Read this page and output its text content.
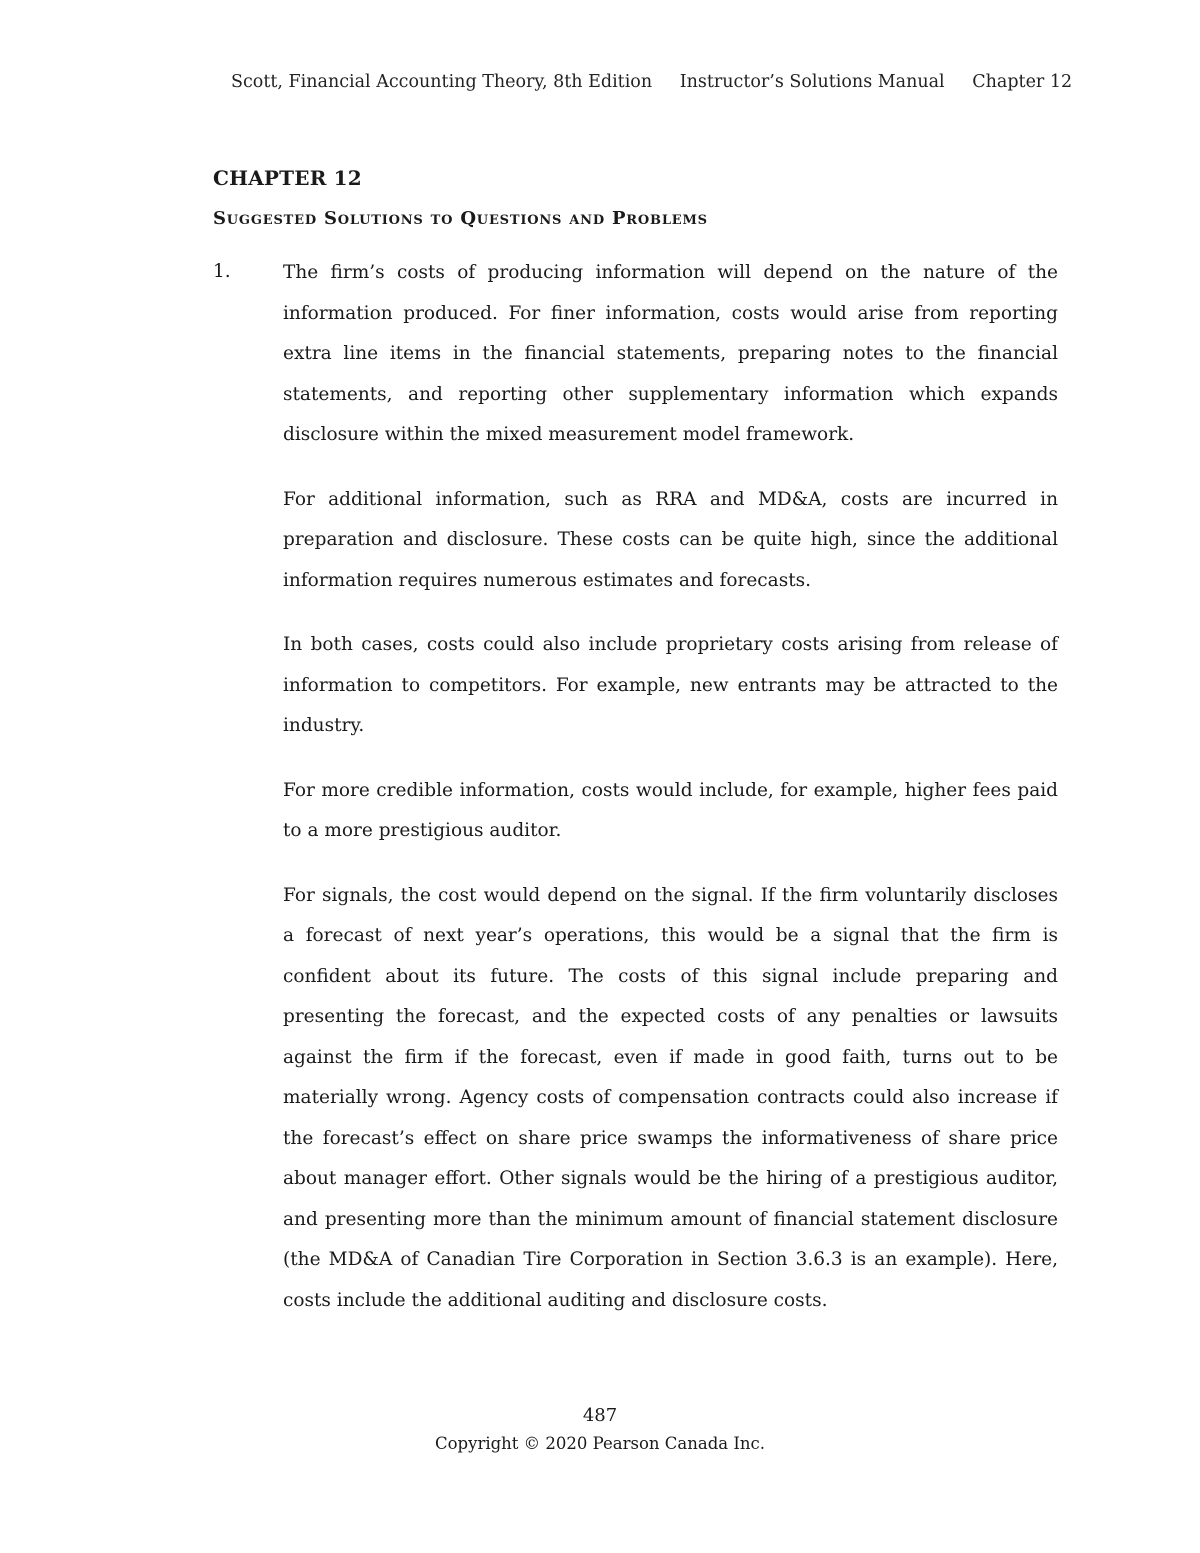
Scott, Financial Accounting Theory, 8th Edition Instructor’s Solutions Manual Chapter 12
CHAPTER 12
Suggested Solutions to Questions and Problems
1.	The firm’s costs of producing information will depend on the nature of the information produced. For finer information, costs would arise from reporting extra line items in the financial statements, preparing notes to the financial statements, and reporting other supplementary information which expands disclosure within the mixed measurement model framework.

For additional information, such as RRA and MD&A, costs are incurred in preparation and disclosure. These costs can be quite high, since the additional information requires numerous estimates and forecasts.

In both cases, costs could also include proprietary costs arising from release of information to competitors. For example, new entrants may be attracted to the industry.

For more credible information, costs would include, for example, higher fees paid to a more prestigious auditor.

For signals, the cost would depend on the signal. If the firm voluntarily discloses a forecast of next year’s operations, this would be a signal that the firm is confident about its future. The costs of this signal include preparing and presenting the forecast, and the expected costs of any penalties or lawsuits against the firm if the forecast, even if made in good faith, turns out to be materially wrong. Agency costs of compensation contracts could also increase if the forecast’s effect on share price swamps the informativeness of share price about manager effort. Other signals would be the hiring of a prestigious auditor, and presenting more than the minimum amount of financial statement disclosure (the MD&A of Canadian Tire Corporation in Section 3.6.3 is an example). Here, costs include the additional auditing and disclosure costs.

487
Copyright © 2020 Pearson Canada Inc.
